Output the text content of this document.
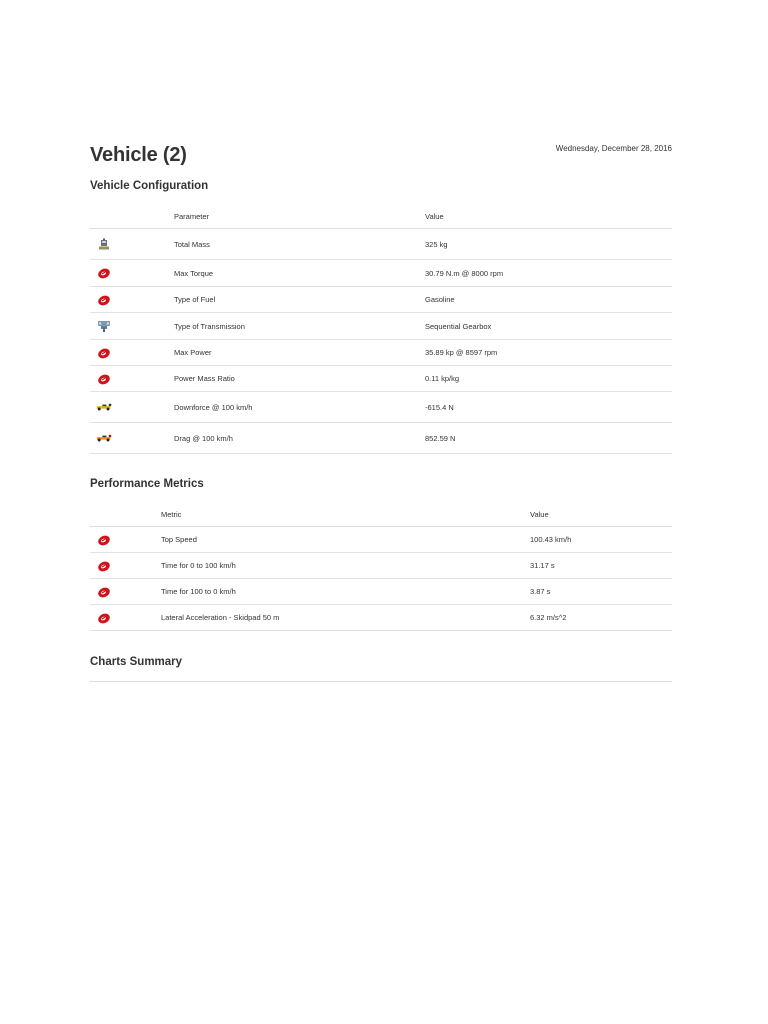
Vehicle (2)	Wednesday, December 28, 2016
Vehicle Configuration
	Parameter	Value
	Total Mass	325 kg
	Max Torque	30.79 N.m @ 8000 rpm
	Type of Fuel	Gasoline
	Type of Transmission	Sequential Gearbox
	Max Power	35.89 kp @ 8597 rpm
	Power Mass Ratio	0.11 kp/kg
	Downforce @ 100 km/h	-615.4 N
	Drag @ 100 km/h	852.59 N
Performance Metrics
	Metric	Value
	Top Speed	100.43 km/h
	Time for 0 to 100 km/h	31.17 s
	Time for 100 to 0 km/h	3.87 s
	Lateral Acceleration - Skidpad 50 m	6.32 m/s^2
Charts Summary
